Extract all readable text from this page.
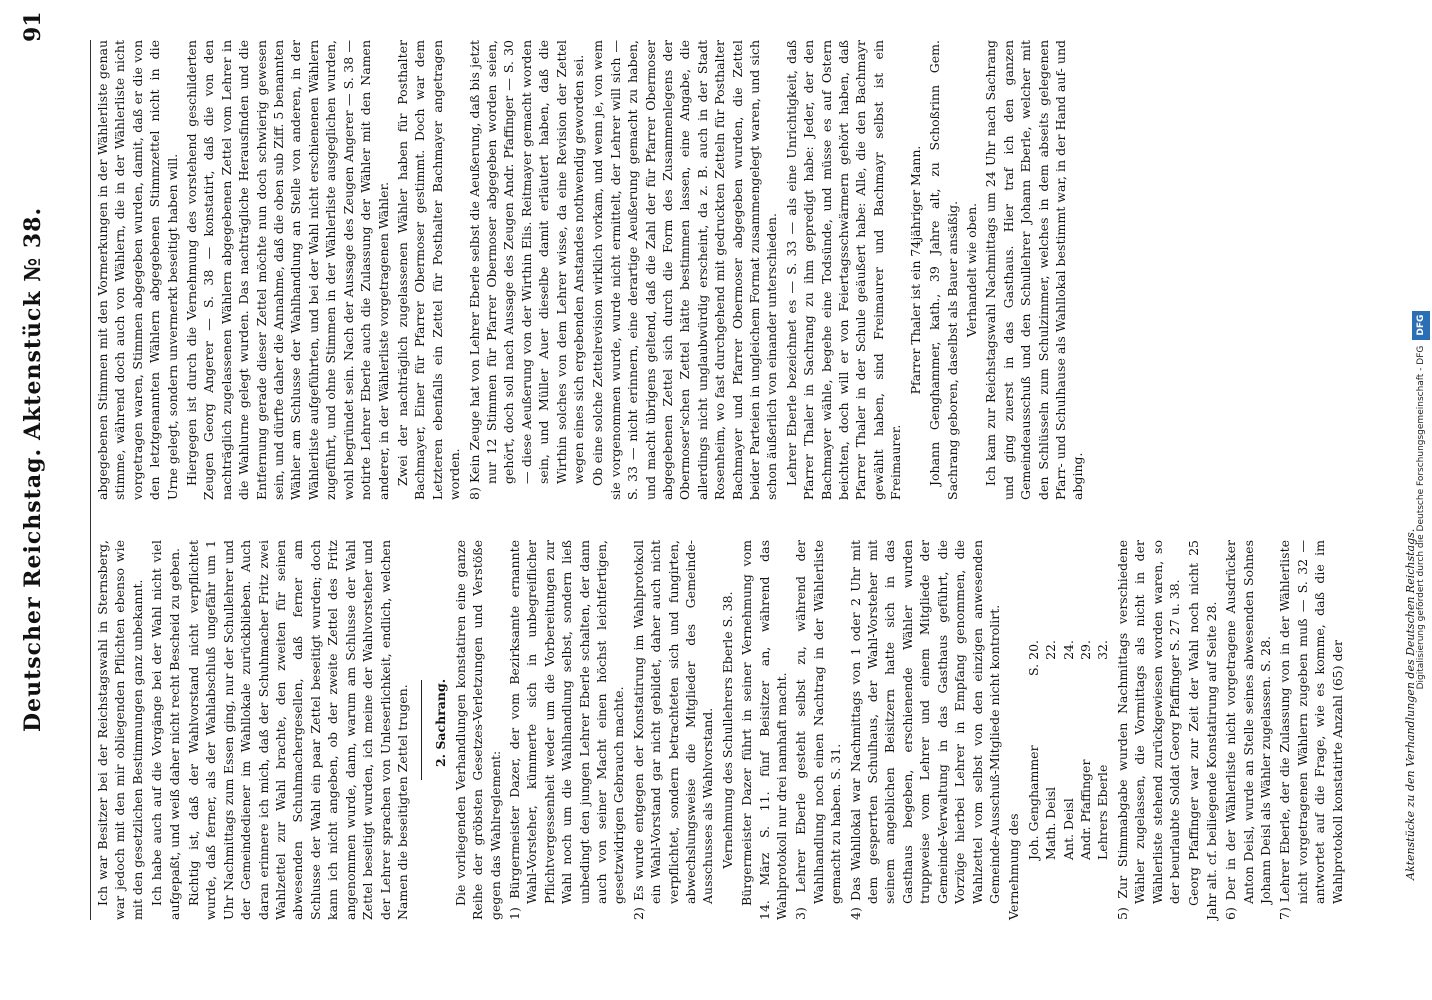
Deutscher Reichstag.
Aktenstück № 38.
91

Ich war Besitzer bei der Reichstagswahl in Sternsberg, war jedoch mit den mir obliegenden Pflichten ebenso wie mit den gesetzlichen Bestimmungen ganz unbekannt. Ich habe auch auf die Vorgänge bei der Wahl nicht viel aufgepaßt, und weiß daher nicht recht Bescheid zu geben. Richtig ist, daß der Wahlvorstand nicht verpflichtet wurde, daß ferner, als der Wahlabschluß ungefähr um 1 Uhr Nachmittags zum Essen ging, nur der Schullehrer und der Gemeindediener im Wahllokale zurückblieben. Auch daran erinnere ich mich, daß der Schuhmacher Fritz zwei Wahlzettel zur Wahl brachte, den zweiten für seinen abwesenden Schuhmachergesellen, daß ferner am Schlusse der Wahl ein paar Zettel beseitigt wurden; doch kann ich nicht angeben, ob der zweite Zettel des Fritz angenommen wurde, dann, warum am Schlusse der Wahl Zettel beseitigt wurden, ich meine der Wahlvorsteher und der Lehrer sprachen von Unleserlichkeit, endlich, welchen Namen die beseitigten Zettel trugen. 2. Sachrang. Die vorliegenden Verhandlungen konstatiren eine ganze Reihe der gröbsten Gesetzes-Verletzungen und Verstöße gegen das Wahlreglement: 1) Bürgermeister Dazer, der vom Bezirksamte ernannte Wahl-Vorsteher, kümmerte sich in unbegreiflicher Pflichtvergessenheit weder um die Vorbereitungen zur Wahl noch um die Wahlhandlung selbst, sondern ließ unbedingt den jungen Lehrer Eberle schalten, der dann auch von seiner Macht einen höchst leichtfertigen, gesetzwidrigen Gebrauch machte. 2) Es wurde entgegen der Konstatirung im Wahlprotokoll ein Wahl-Vorstand gar nicht gebildet, daher auch nicht verpflichtet, sondern betrachteten sich und fungirten, abwechslungsweise die Mitglieder des Gemeinde-Ausschusses als Wahlvorstand. Vernehmung des Schullehrers Eberle S. 38. Bürgermeister Dazer führt in seiner Vernehmung vom 14. März S. 11. fünf Beisitzer an, während das Wahlprotokoll nur drei namhaft macht. 3) Lehrer Eberle gesteht selbst zu, während der Wahlhandlung noch einen Nachtrag in der Wählerliste gemacht zu haben. S. 31. 4) Das Wahllokal war Nachmittags von 1 oder 2 Uhr mit dem gesperrten Schulhaus, der Wahl-Vorsteher mit seinem angeblichen Beisitzern hatte sich in das Gasthaus begeben, erschienende Wähler wurden truppweise vom Lehrer und einem Mitgliede der Gemeinde-Verwaltung in das Gasthaus geführt, die Vorzüge hierbei Lehrer in Empfang genommen, die Wahlzettel vom selbst von den einzigen anwesenden Gemeinde-Ausschuß-Mitgliede nicht kontrolirt. Vernehmung des

Joh. Genghammer
S. 20.
Math. Deisl
22.
Ant. Deisl
24.
Andr. Pfaffinger
29.
Lehrers Eberle
32. 5) Zur Stimmabgabe wurden Nachmittags verschiedene Wähler zugelassen, die Vormittags als nicht in der Wählerliste stehend zurückgewiesen worden waren, so der beurlaubte Soldat Georg Pfaffinger S. 27 u. 38. Georg Pfaffinger war zur Zeit der Wahl noch nicht 25 Jahr alt. cf. beiliegende Konstatirung auf Seite 28. 6) Der in der Wählerliste nicht vorgetragene Ausdrücker Anton Deisl, wurde an Stelle seines abwesenden Sohnes Johann Deisl als Wähler zugelassen. S. 28. 7) Lehrer Eberle, der die Zulassung von in der Wählerliste nicht vorgetragenen Wählern zugeben muß — S. 32 — antwortet auf die Frage, wie es komme, daß die im Wahlprotokoll konstatirte Anzahl (65) der

abgegebenen Stimmen mit den Vormerkungen in der Wählerliste genau stimme, während doch auch von Wählern, die in der Wählerliste nicht vorgetragen waren, Stimmen abgegeben wurden, damit, daß er die von den letztgenannten Wählern abgegebenen Stimmzettel nicht in die Urne gelegt, sondern unvermerkt beseitigt haben will. Hiergegen ist durch die Vernehmung des vorstehend geschilderten Zeugen Georg Angerer — S. 38 — konstatirt, daß die von den nachträglich zugelassenen Wählern abgegebenen Zettel vom Lehrer in die Wahlurne gelegt wurden. Das nachträgliche Herausfinden und die Entfernung gerade dieser Zettel möchte nun doch schwierig gewesen sein, und dürfte daher die Annahme, daß die oben sub Ziff. 5 benannten Wähler am Schlusse der Wahlhandlung an Stelle von anderen, in der Wählerliste aufgeführten, und bei der Wahl nicht erschienenen Wählern zugeführt, und ohne Stimmen in der Wählerliste ausgeglichen wurden, wohl begründet sein. Nach der Aussage des Zeugen Angerer — S. 38 — notirte Lehrer Eberle auch die Zulassung der Wähler mit den Namen anderer, in der Wählerliste vorgetragenen Wähler. Zwei der nachträglich zugelassenen Wähler haben für Posthalter Bachmayer, Einer für Pfarrer Obermoser gestimmt. Doch war dem Letzteren ebenfalls ein Zettel für Posthalter Bachmayer angetragen worden. 8) Kein Zeuge hat von Lehrer Eberle selbst die Aeußerung, daß bis jetzt nur 12 Stimmen für Pfarrer Obermoser abgegeben worden seien, gehört, doch soll nach Aussage des Zeugen Andr. Pfaffinger — S. 30 — diese Aeußerung von der Wirthin Elis. Reitmayer gemacht worden sein, und Müller Auer dieselbe damit erläutert haben, daß die Wirthin solches von dem Lehrer wisse, da eine Revision der Zettel wegen eines sich ergebenden Anstandes nothwendig geworden sei. Ob eine solche Zettelrevision wirklich vorkam, und wenn je, von wem sie vorgenommen wurde, wurde nicht ermittelt, der Lehrer will sich — S. 33 — nicht erinnern, eine derartige Aeußerung gemacht zu haben, und macht übrigens geltend, daß die Zahl der für Pfarrer Obermoser abgegebenen Zettel sich durch die Form des Zusammenlegens der Obermoser'schen Zettel hätte bestimmen lassen, eine Angabe, die allerdings nicht unglaubwürdig erscheint, da z. B. auch in der Stadt Rosenheim, wo fast durchgehend mit gedruckten Zetteln für Posthalter Bachmayer und Pfarrer Obermoser abgegeben wurden, die Zettel beider Parteien in ungleichem Format zusammengelegt waren, und sich schon äußerlich von einander unterschieden. Lehrer Eberle bezeichnet es — S. 33 — als eine Unrichtigkeit, daß Pfarrer Thaler in Sachrang zu ihm gepredigt habe: Jeder, der den Bachmayer wähle, begehe eine Todsünde, und müsse es auf Ostern beichten, doch will er von Feiertagsschwärmern gehört haben, daß Pfarrer Thaler in der Schule geäußert habe: Alle, die den Bachmayr gewählt haben, sind Freimaurer und Bachmayr selbst ist ein Freimaurer.

Pfarrer Thaler ist ein 74jähriger Mann. Johann Genghammer, kath., 39 Jahre alt, zu Schoßrinn Gem. Sachrang geboren, daselbst als Bauer ansäßig. Verhandelt wie oben. Ich kam zur Reichstagswahl Nachmittags um 24 Uhr nach Sachrang und ging zuerst in das Gasthaus. Hier traf ich den ganzen Gemeindeausschuß und den Schullehrer Johann Eberle, welcher mit den Schlüsseln zum Schulzimmer, welches in dem abseits gelegenen Pfarr- und Schulhause als Wahllokal bestimmt war, in der Hand auf- und abging.

Aktenstücke zu den Verhandlungen des Deutschen Reichstags.
Digitalisierung gefördert durch die Deutsche Forschungsgemeinschaft - DFGDFG
